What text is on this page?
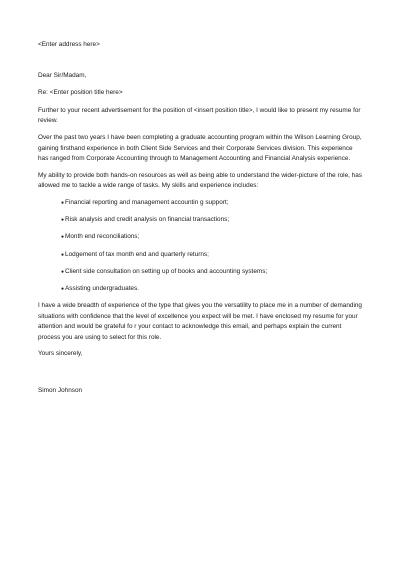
<Enter address here>

Dear Sir/Madam,

Re: <Enter position title here>

Further to your recent advertisement for the position of <insert position title>, I would like to present my resume for review.

Over the past two years I have been completing a graduate accounting program within the Wilson Learning Group, gaining firsthand experience in both Client Side Services and their Corporate Services division. This experience has ranged from Corporate Accounting through to Management Accounting and Financial Analysis experience.

My ability to provide both hands-on resources as well as being able to understand the wider-picture of the role, has allowed me to tackle a wide range of tasks. My skills and experience includes:

●Financial reporting and management accountin g support;
●Risk analysis and credit analysis on financial transactions;
●Month end reconciliations;
●Lodgement of tax month end and quarterly returns;
●Client side consultation on setting up of books and accounting systems;
●Assisting undergraduates.

I have a wide breadth of experience of the type that gives you the versatility to place me in a number of demanding situations with confidence that the level of excellence you expect will be met. I have enclosed my resume for your attention and would be grateful fo r your contact to acknowledge this email, and perhaps explain the current process you are using to select for this role.

Yours sincerely,

Simon Johnson
